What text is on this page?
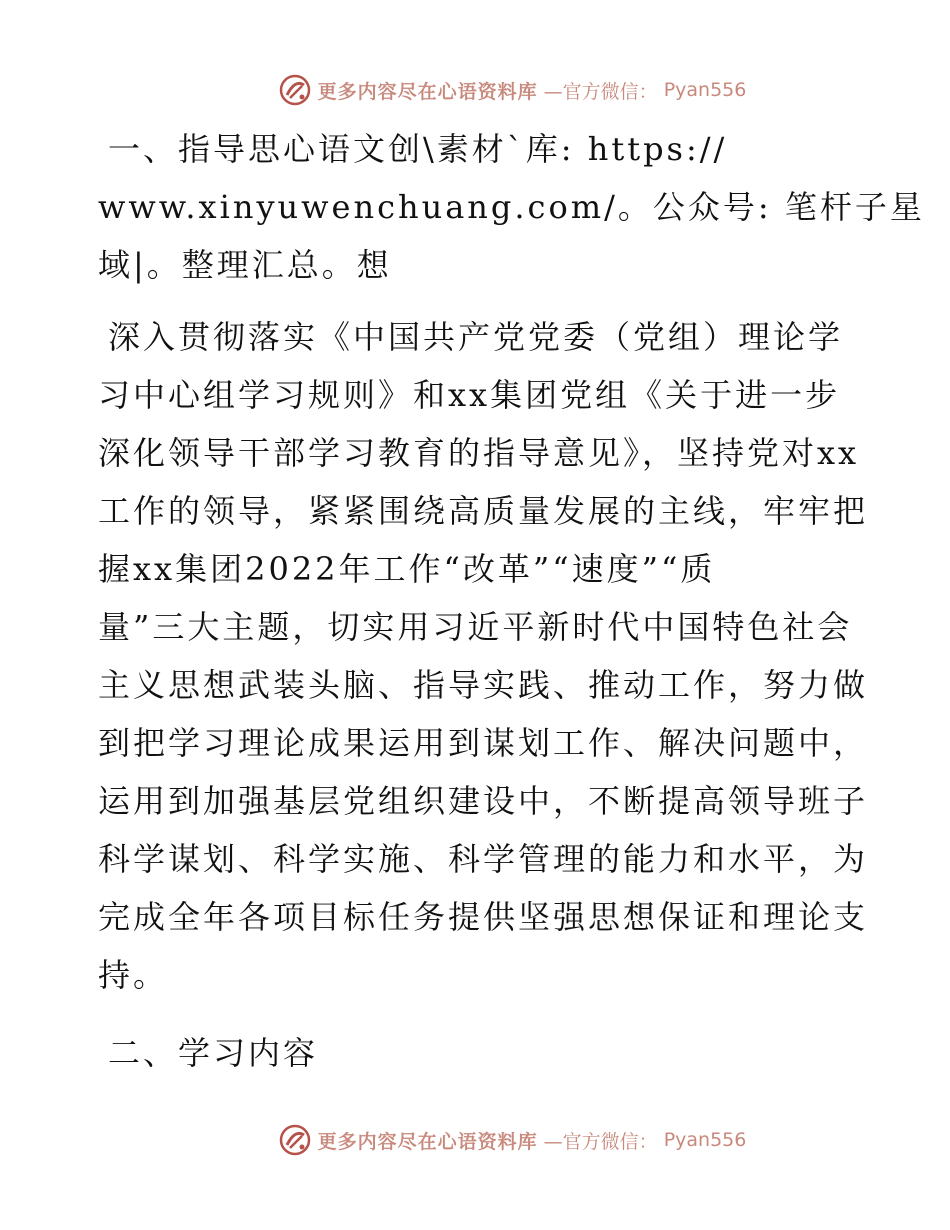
更多内容尽在心语资料库 —官方微信： Pyan556
一、指导思心语文创\素材`库: https://
www.xinyuwenchuang.com/。公众号: 笔杆子星
域|。整理汇总。想
深入贯彻落实《中国共产党党委（党组）理论学
习中心组学习规则》和xx集团党组《关于进一步
深化领导干部学习教育的指导意见》，坚持党对xx
工作的领导，紧紧围绕高质量发展的主线，牢牢把
握xx集团2022年工作“改革”“速度”“质
量”三大主题，切实用习近平新时代中国特色社会
主义思想武装头脑、指导实践、推动工作，努力做
到把学习理论成果运用到谋划工作、解决问题中，
运用到加强基层党组织建设中，不断提高领导班子
科学谋划、科学实施、科学管理的能力和水平，为
完成全年各项目标任务提供坚强思想保证和理论支
持。
二、学习内容
更多内容尽在心语资料库 —官方微信： Pyan556
